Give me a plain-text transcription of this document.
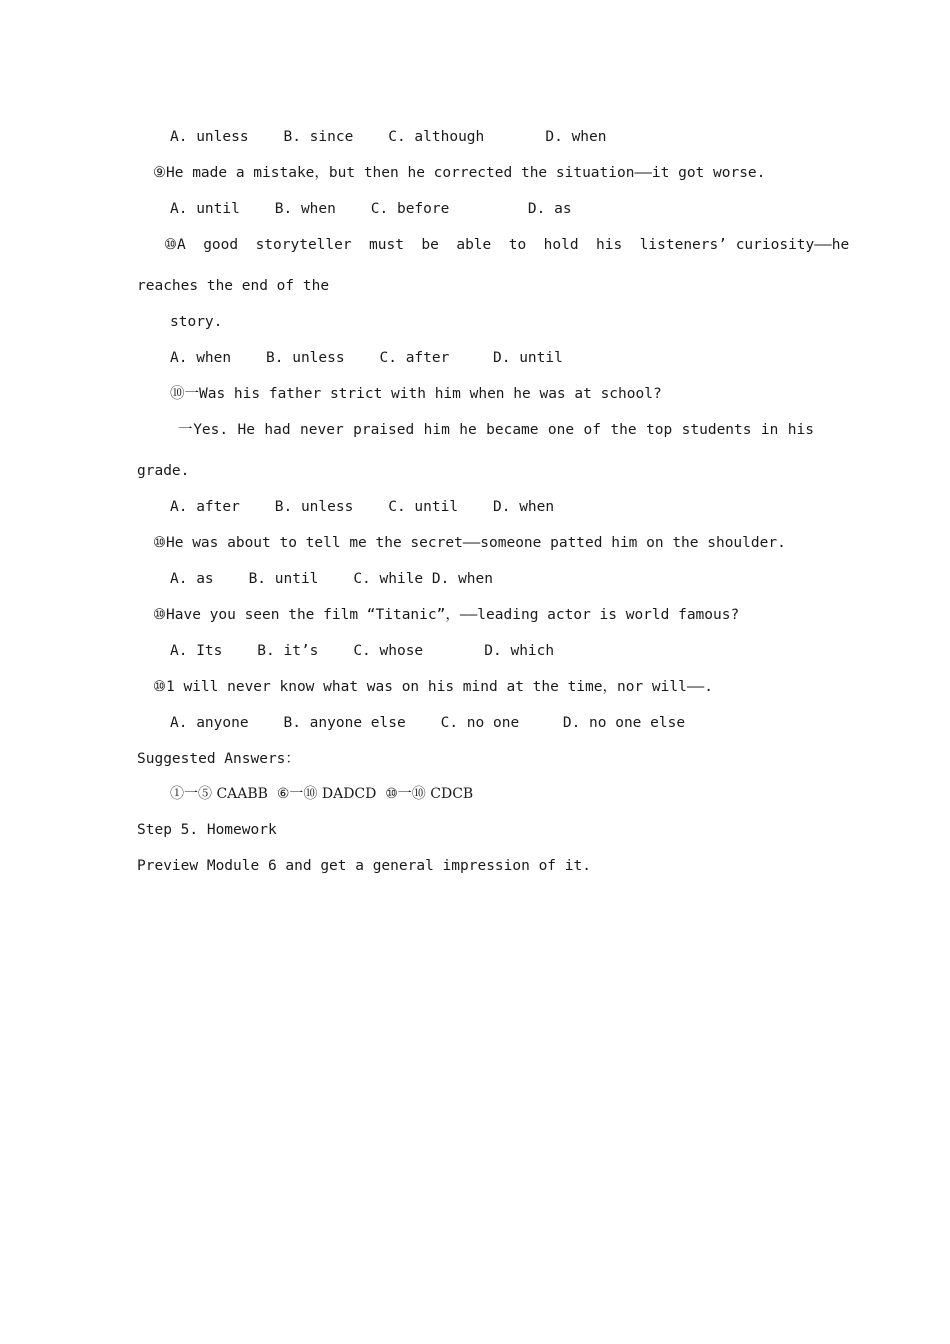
A. unless    B. since    C. although       D. when
⑨He made a mistake，but then he corrected the situation——it got worse.
A. until    B. when    C. before         D. as
⑩A  good  storyteller  must  be  able  to  hold  his  listeners’ curiosity——he
reaches the end of the
story.
A. when    B. unless    C. after     D. until
⑩一Was his father strict with him when he was at school?
一Yes. He had never praised him he became one of the top students in his
grade.
A. after    B. unless    C. until    D. when
⑩He was about to tell me the secret——someone patted him on the shoulder.
A. as    B. until    C. while D. when
⑩Have you seen the film “Titanic”，——leading actor is world famous?
A. Its    B. it’s    C. whose       D. which
⑩1 will never know what was on his mind at the time，nor will——.
A. anyone    B. anyone else    C. no one     D. no one else
Suggested Answers：
①一⑤ CAABB  ⑥一⑩ DADCD  ⑩一⑩ CDCB
Step 5. Homework
Preview Module 6 and get a general impression of it.
